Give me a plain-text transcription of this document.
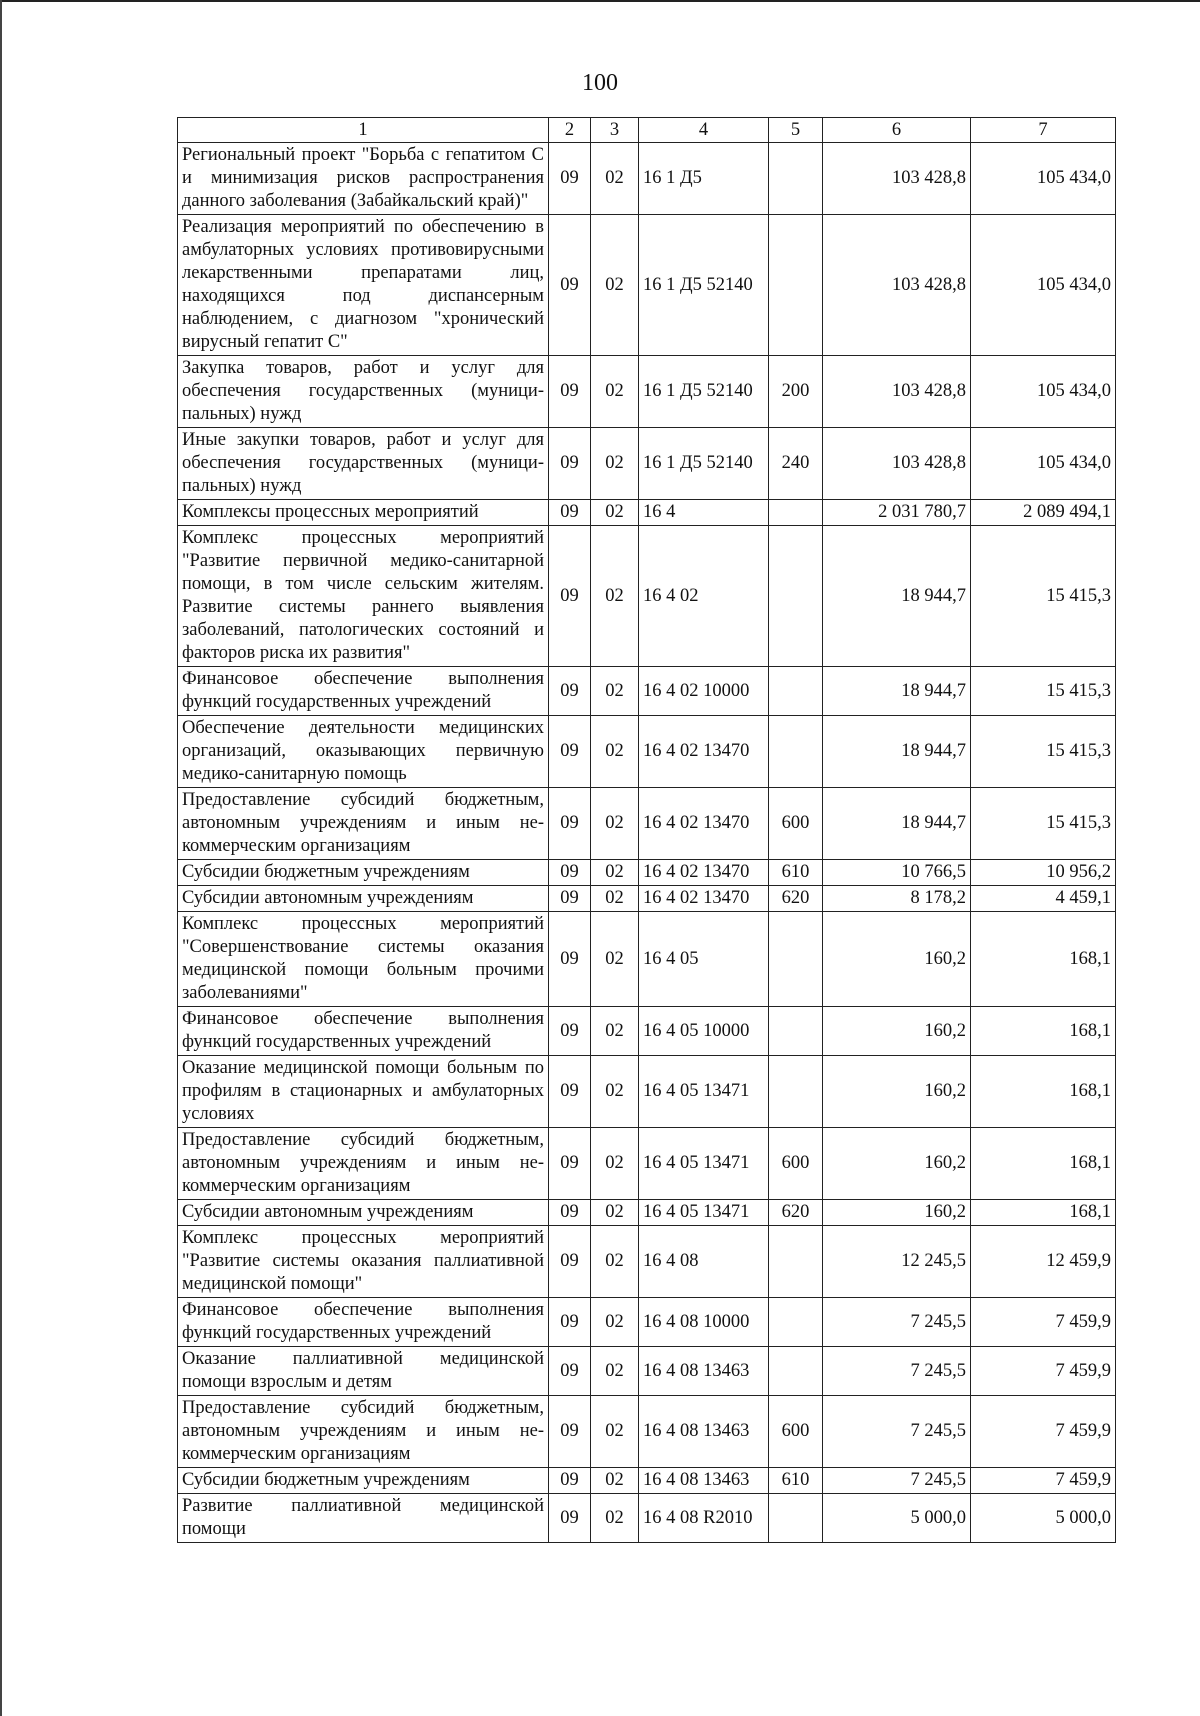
100
1	2	3	4	5	6	7
Региональный проект "Борьба с гепатитом С и минимизация рисков распространения данного заболевания (Забайкальский край)"	09	02	16 1 Д5		103 428,8	105 434,0
Реализация мероприятий по обеспечению в амбулаторных условиях противовирусными лекарственными препаратами лиц, находящихся под диспансерным наблюдением, с диагнозом "хронический вирусный гепатит С"	09	02	16 1 Д5 52140		103 428,8	105 434,0
Закупка товаров, работ и услуг для обеспечения государственных (муниципальных) нужд	09	02	16 1 Д5 52140	200	103 428,8	105 434,0
Иные закупки товаров, работ и услуг для обеспечения государственных (муниципальных) нужд	09	02	16 1 Д5 52140	240	103 428,8	105 434,0
Комплексы процессных мероприятий	09	02	16 4		2 031 780,7	2 089 494,1
Комплекс процессных мероприятий "Развитие первичной медико-санитарной помощи, в том числе сельским жителям. Развитие системы раннего выявления заболеваний, патологических состояний и факторов риска их развития"	09	02	16 4 02		18 944,7	15 415,3
Финансовое обеспечение выполнения функций государственных учреждений	09	02	16 4 02 10000		18 944,7	15 415,3
Обеспечение деятельности медицинских организаций, оказывающих первичную медико-санитарную помощь	09	02	16 4 02 13470		18 944,7	15 415,3
Предоставление субсидий бюджетным, автономным учреждениям и иным некоммерческим организациям	09	02	16 4 02 13470	600	18 944,7	15 415,3
Субсидии бюджетным учреждениям	09	02	16 4 02 13470	610	10 766,5	10 956,2
Субсидии автономным учреждениям	09	02	16 4 02 13470	620	8 178,2	4 459,1
Комплекс процессных мероприятий "Совершенствование системы оказания медицинской помощи больным прочими заболеваниями"	09	02	16 4 05		160,2	168,1
Финансовое обеспечение выполнения функций государственных учреждений	09	02	16 4 05 10000		160,2	168,1
Оказание медицинской помощи больным по профилям в стационарных и амбулаторных условиях	09	02	16 4 05 13471		160,2	168,1
Предоставление субсидий бюджетным, автономным учреждениям и иным некоммерческим организациям	09	02	16 4 05 13471	600	160,2	168,1
Субсидии автономным учреждениям	09	02	16 4 05 13471	620	160,2	168,1
Комплекс процессных мероприятий "Развитие системы оказания паллиативной медицинской помощи"	09	02	16 4 08		12 245,5	12 459,9
Финансовое обеспечение выполнения функций государственных учреждений	09	02	16 4 08 10000		7 245,5	7 459,9
Оказание паллиативной медицинской помощи взрослым и детям	09	02	16 4 08 13463		7 245,5	7 459,9
Предоставление субсидий бюджетным, автономным учреждениям и иным некоммерческим организациям	09	02	16 4 08 13463	600	7 245,5	7 459,9
Субсидии бюджетным учреждениям	09	02	16 4 08 13463	610	7 245,5	7 459,9
Развитие паллиативной медицинской помощи	09	02	16 4 08 R2010		5 000,0	5 000,0
